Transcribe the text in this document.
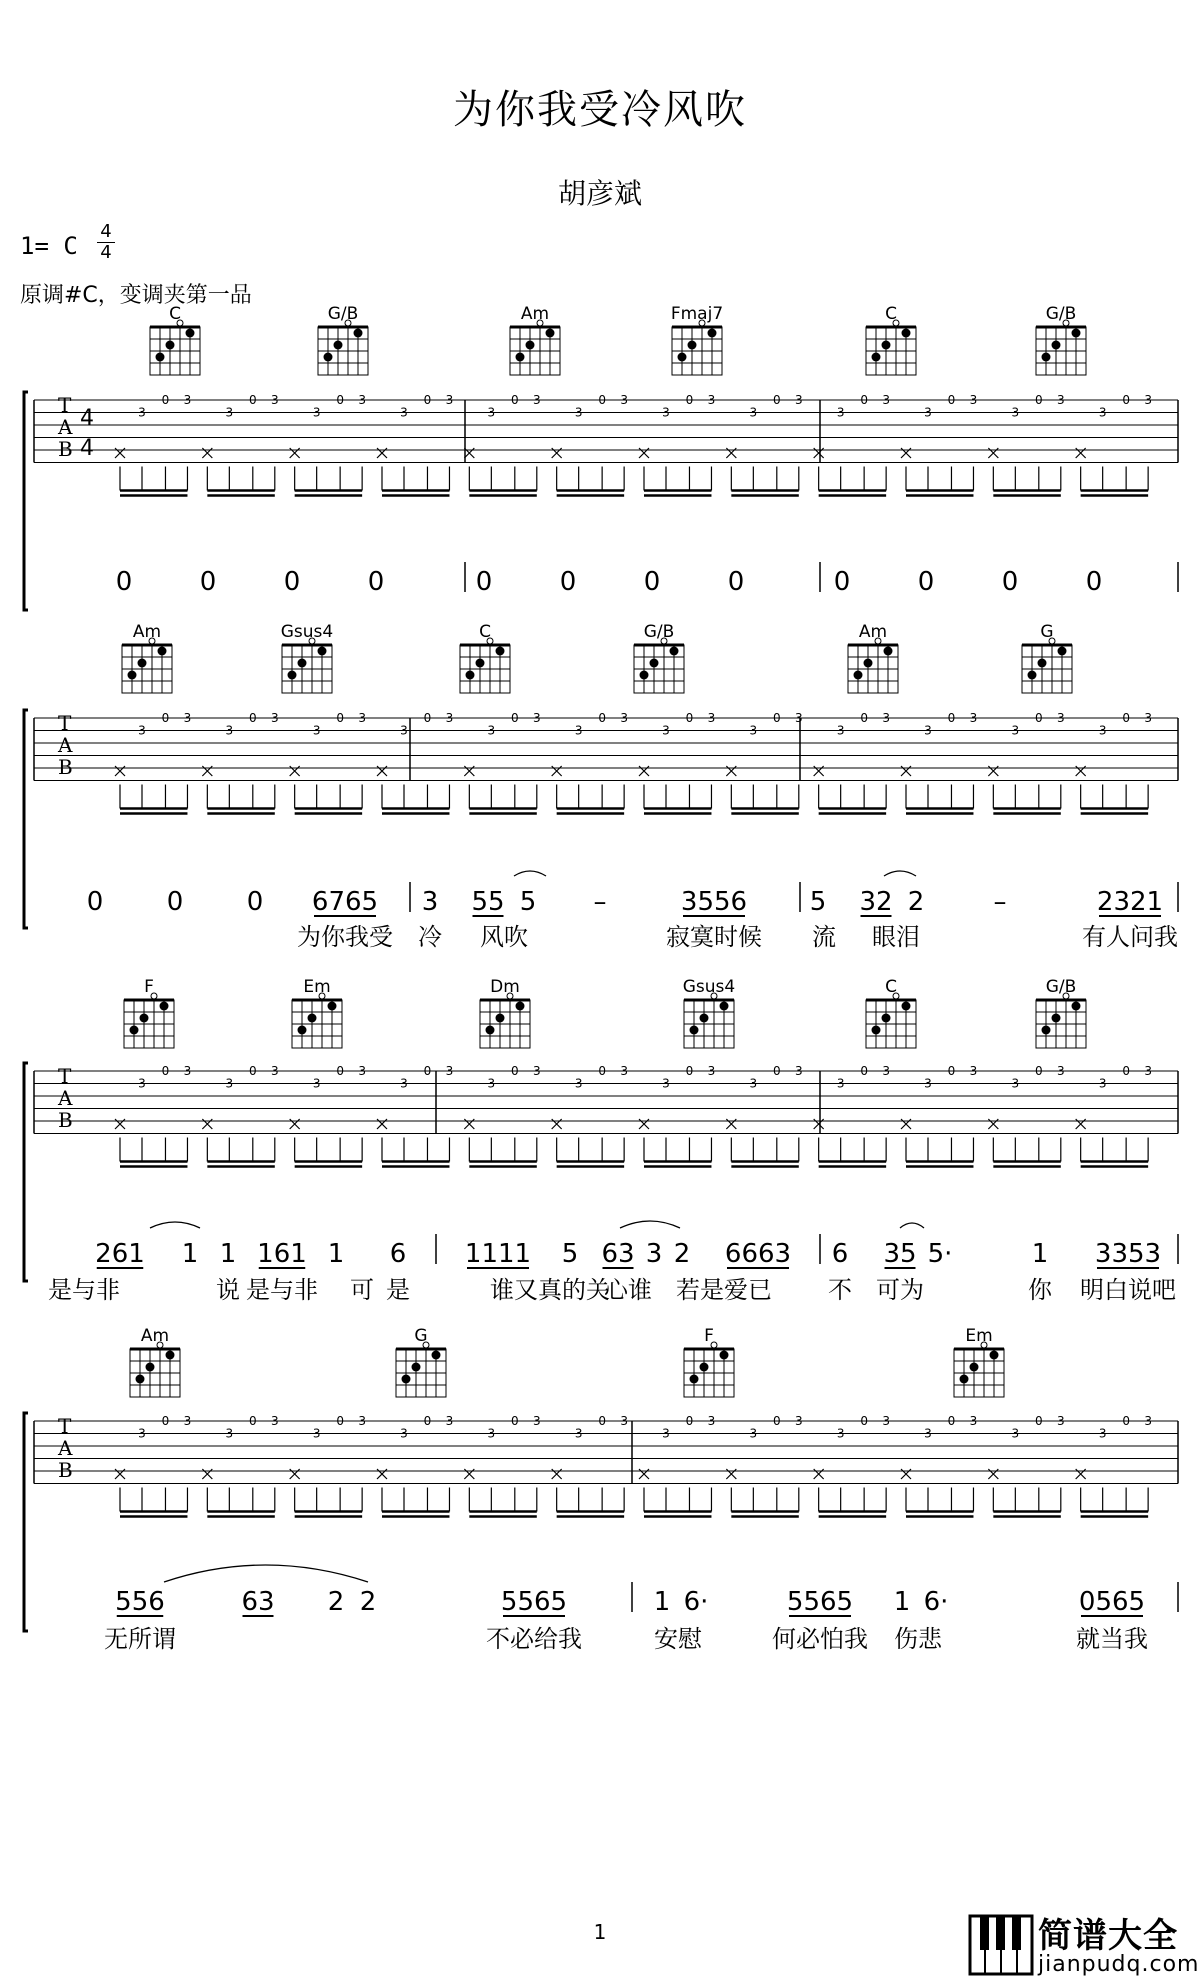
为你我受冷风吹
胡彦斌
1= C
4
4
原调#C，变调夹第一品
T
A
B
4
4
3
0 3
3
0 3
3
0 3
3
0 3
3
0 3
3
0 3
3
0 3
3
0 3
3
0 3
3
0 3
3
0 3
3
0 3
C	G/B	Am	Fmaj7	C	G/B
0	0	0	0	0	0	0	0	0	0	0	0
T
A
B
3
0 3
3
0 3
3
0 3
3
0 3
3
0 3
3
0 3
3
0 3
3
0 3
3
0 3
3
0 3
3
0 3
3
0 3
Am	Gsus4	C	G/B	Am	G
0 0 0 6765 3 55 5 –	3556 5 32 2	–	2321
为你我受 冷 风吹	寂寞时候 流 眼泪	有人问我
T
A
B
3
0 3
3
0 3
3
0 3
3
0 3
3
0 3
3
0 3
3
0 3
3
0 3
3
0 3
3
0 3
3
0 3
3
0 3
F	Em	Dm	Gsus4	C	G/B
261 1 1 161 1 6 1111 5 63 3 2 6663 6 35 5·	1 3353
是与非	说 是与非 可 是	谁又真的关
心谁 若是爱已 不 可为	你 明白说吧
T
A
B
3
0 3
3
0 3
3
0 3
3
0 3
3
0 3
3
0 3
3
0 3
3
0 3
3
0 3
3
0 3
3
0 3
3
0 3
Am	G	F	Em
556	63 2 2	5565	1 6·	5565 1 6·	0565
无所谓	不必给我	安慰	何必怕我 伤悲	就当我
1	简谱大全
jianpudq.com
